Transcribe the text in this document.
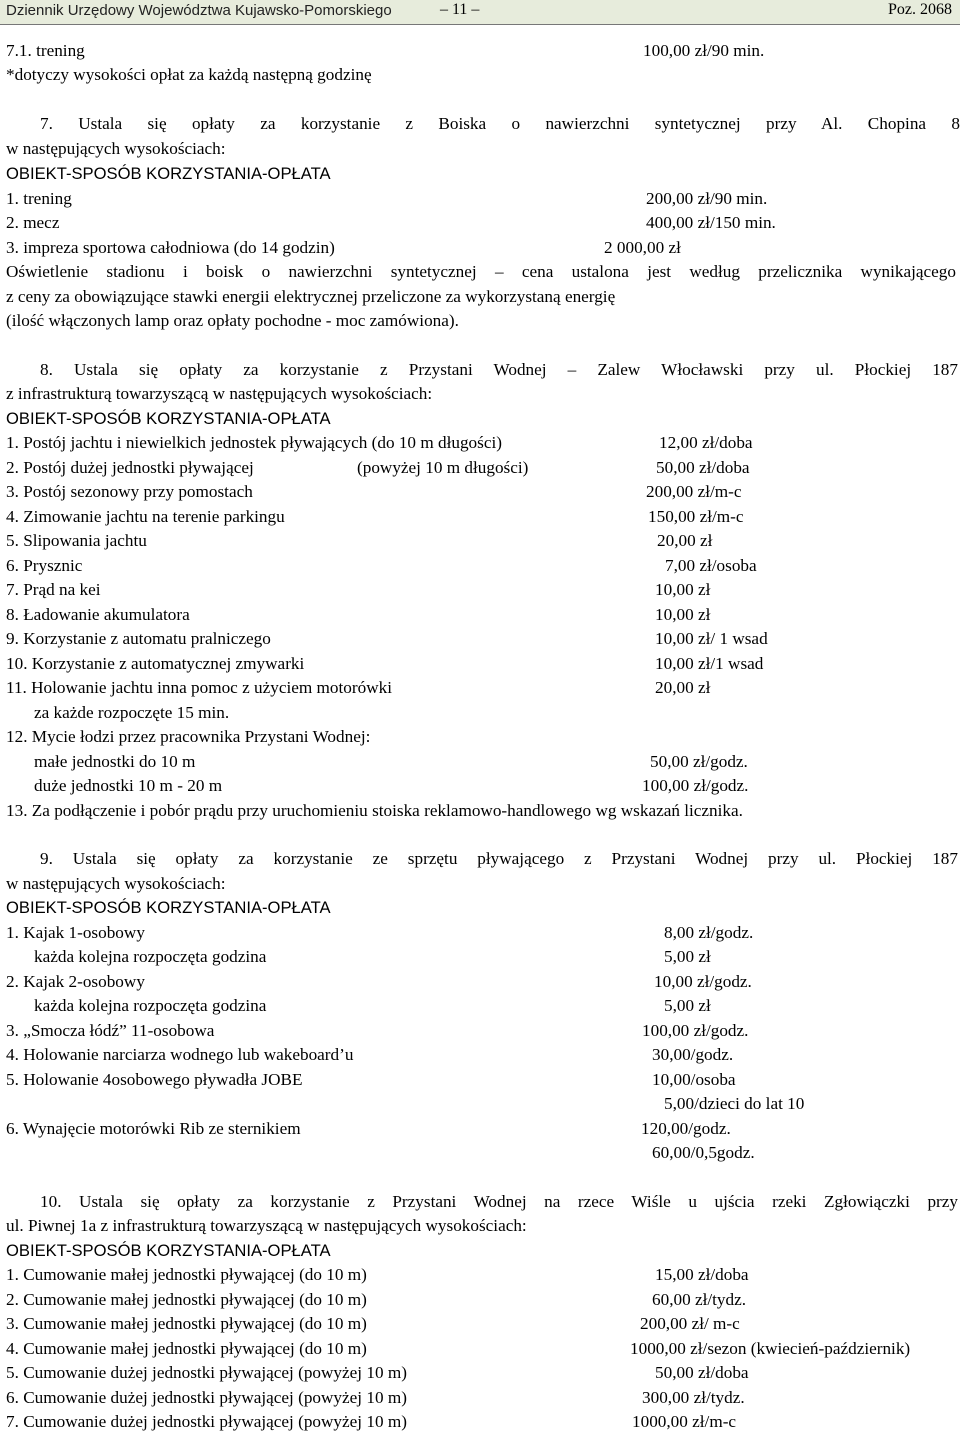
Dziennik Urzędowy Województwa Kujawsko-Pomorskiego	– 11 –	Poz. 2068
7.1. trening	100,00 zł/90 min.
*dotyczy wysokości opłat za każdą następną godzinę
7. Ustala się opłaty za korzystanie z Boiska o nawierzchni syntetycznej przy Al. Chopina 8
w następujących wysokościach:
OBIEKT-SPOSÓB KORZYSTANIA-OPŁATA
1. trening	200,00 zł/90 min.
2. mecz	400,00 zł/150 min.
3. impreza sportowa całodniowa (do 14 godzin)	2 000,00 zł
Oświetlenie stadionu i boisk o nawierzchni syntetycznej – cena ustalona jest według przelicznika wynikającego
z ceny za obowiązujące stawki energii elektrycznej przeliczone za wykorzystaną energię
(ilość włączonych lamp oraz opłaty pochodne - moc zamówiona).
8. Ustala się opłaty za korzystanie z Przystani Wodnej – Zalew Włocławski przy ul. Płockiej 187
z infrastrukturą towarzyszącą w następujących wysokościach:
OBIEKT-SPOSÓB KORZYSTANIA-OPŁATA
1. Postój jachtu i niewielkich jednostek pływających (do 10 m długości)	12,00 zł/doba
2. Postój dużej jednostki pływającej	(powyżej 10 m długości)	50,00 zł/doba
3. Postój sezonowy przy pomostach	200,00 zł/m-c
4. Zimowanie jachtu na terenie parkingu	150,00 zł/m-c
5. Slipowania jachtu	20,00 zł
6. Prysznic	7,00 zł/osoba
7. Prąd na kei	10,00 zł
8. Ładowanie akumulatora	10,00 zł
9. Korzystanie z automatu pralniczego	10,00 zł/ 1 wsad
10. Korzystanie z automatycznej zmywarki	10,00 zł/1 wsad
11. Holowanie jachtu inna pomoc z użyciem motorówki	20,00 zł
za każde rozpoczęte 15 min.
12. Mycie łodzi przez pracownika Przystani Wodnej:
małe jednostki do 10 m	50,00 zł/godz.
duże jednostki 10 m - 20 m	100,00 zł/godz.
13. Za podłączenie i pobór prądu przy uruchomieniu stoiska reklamowo-handlowego wg wskazań licznika.
9. Ustala się opłaty za korzystanie ze sprzętu pływającego z Przystani Wodnej przy ul. Płockiej 187
w następujących wysokościach:
OBIEKT-SPOSÓB KORZYSTANIA-OPŁATA
1. Kajak 1-osobowy	8,00 zł/godz.
każda kolejna rozpoczęta godzina	5,00 zł
2. Kajak 2-osobowy	10,00 zł/godz.
każda kolejna rozpoczęta godzina	5,00 zł
3. „Smocza łódź” 11-osobowa	100,00 zł/godz.
4. Holowanie narciarza wodnego lub wakeboard’u	30,00/godz.
5. Holowanie 4osobowego pływadła JOBE	10,00/osoba
5,00/dzieci do lat 10
6. Wynajęcie motorówki Rib ze sternikiem	120,00/godz.
60,00/0,5godz.
10. Ustala się opłaty za korzystanie z Przystani Wodnej na rzece Wiśle u ujścia rzeki Zgłowiączki przy
ul. Piwnej 1a z infrastrukturą towarzyszącą w następujących wysokościach:
OBIEKT-SPOSÓB KORZYSTANIA-OPŁATA
1. Cumowanie małej jednostki pływającej (do 10 m)	15,00 zł/doba
2. Cumowanie małej jednostki pływającej (do 10 m)	60,00 zł/tydz.
3. Cumowanie małej jednostki pływającej (do 10 m)	200,00 zł/ m-c
4. Cumowanie małej jednostki pływającej (do 10 m)	1000,00 zł/sezon (kwiecień-październik)
5. Cumowanie dużej jednostki pływającej (powyżej 10 m)	50,00 zł/doba
6. Cumowanie dużej jednostki pływającej (powyżej 10 m)	300,00 zł/tydz.
7. Cumowanie dużej jednostki pływającej (powyżej 10 m)	1000,00 zł/m-c
